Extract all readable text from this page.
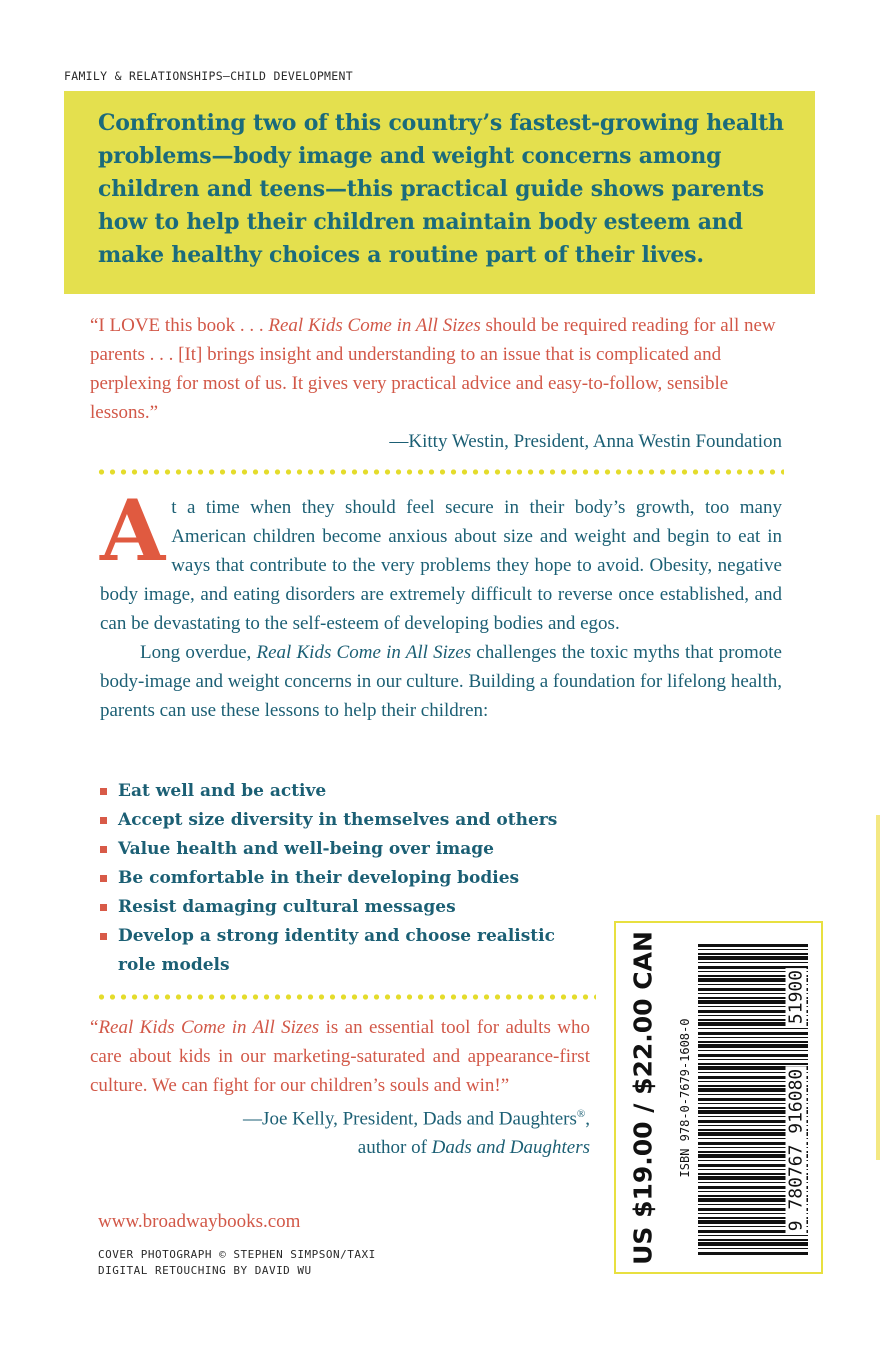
FAMILY & RELATIONSHIPS—CHILD DEVELOPMENT

Confronting two of this country’s fastest-growing health problems—body image and weight concerns among children and teens—this practical guide shows parents how to help their children maintain body esteem and make healthy choices a routine part of their lives.

“I LOVE this book . . . Real Kids Come in All Sizes should be required reading for all new parents . . . [It] brings insight and understanding to an issue that is complicated and perplexing for most of us. It gives very practical advice and easy-to-follow, sensible lessons.”

—Kitty Westin, President, Anna Westin Foundation

At a time when they should feel secure in their body’s growth, too many American children become anxious about size and weight and begin to eat in ways that contribute to the very problems they hope to avoid. Obesity, negative body image, and eating disorders are extremely difficult to reverse once established, and can be devastating to the self-esteem of developing bodies and egos.

Long overdue, Real Kids Come in All Sizes challenges the toxic myths that promote body-image and weight concerns in our culture. Building a foundation for lifelong health, parents can use these lessons to help their children:

Eat well and be active
Accept size diversity in themselves and others
Value health and well-being over image
Be comfortable in their developing bodies
Resist damaging cultural messages
Develop a strong identity and choose realistic role models

“Real Kids Come in All Sizes is an essential tool for adults who care about kids in our marketing-saturated and appearance-first culture. We can fight for our children’s souls and win!”

—Joe Kelly, President, Dads and Daughters®,

author of Dads and Daughters

www.broadwaybooks.com
COVER PHOTOGRAPH © STEPHEN SIMPSON/TAXI
DIGITAL RETOUCHING BY DAVID WU
US $19.00 / $22.00 CAN ISBN 978-0-7679-1608-0
51900
9 780767 916080
